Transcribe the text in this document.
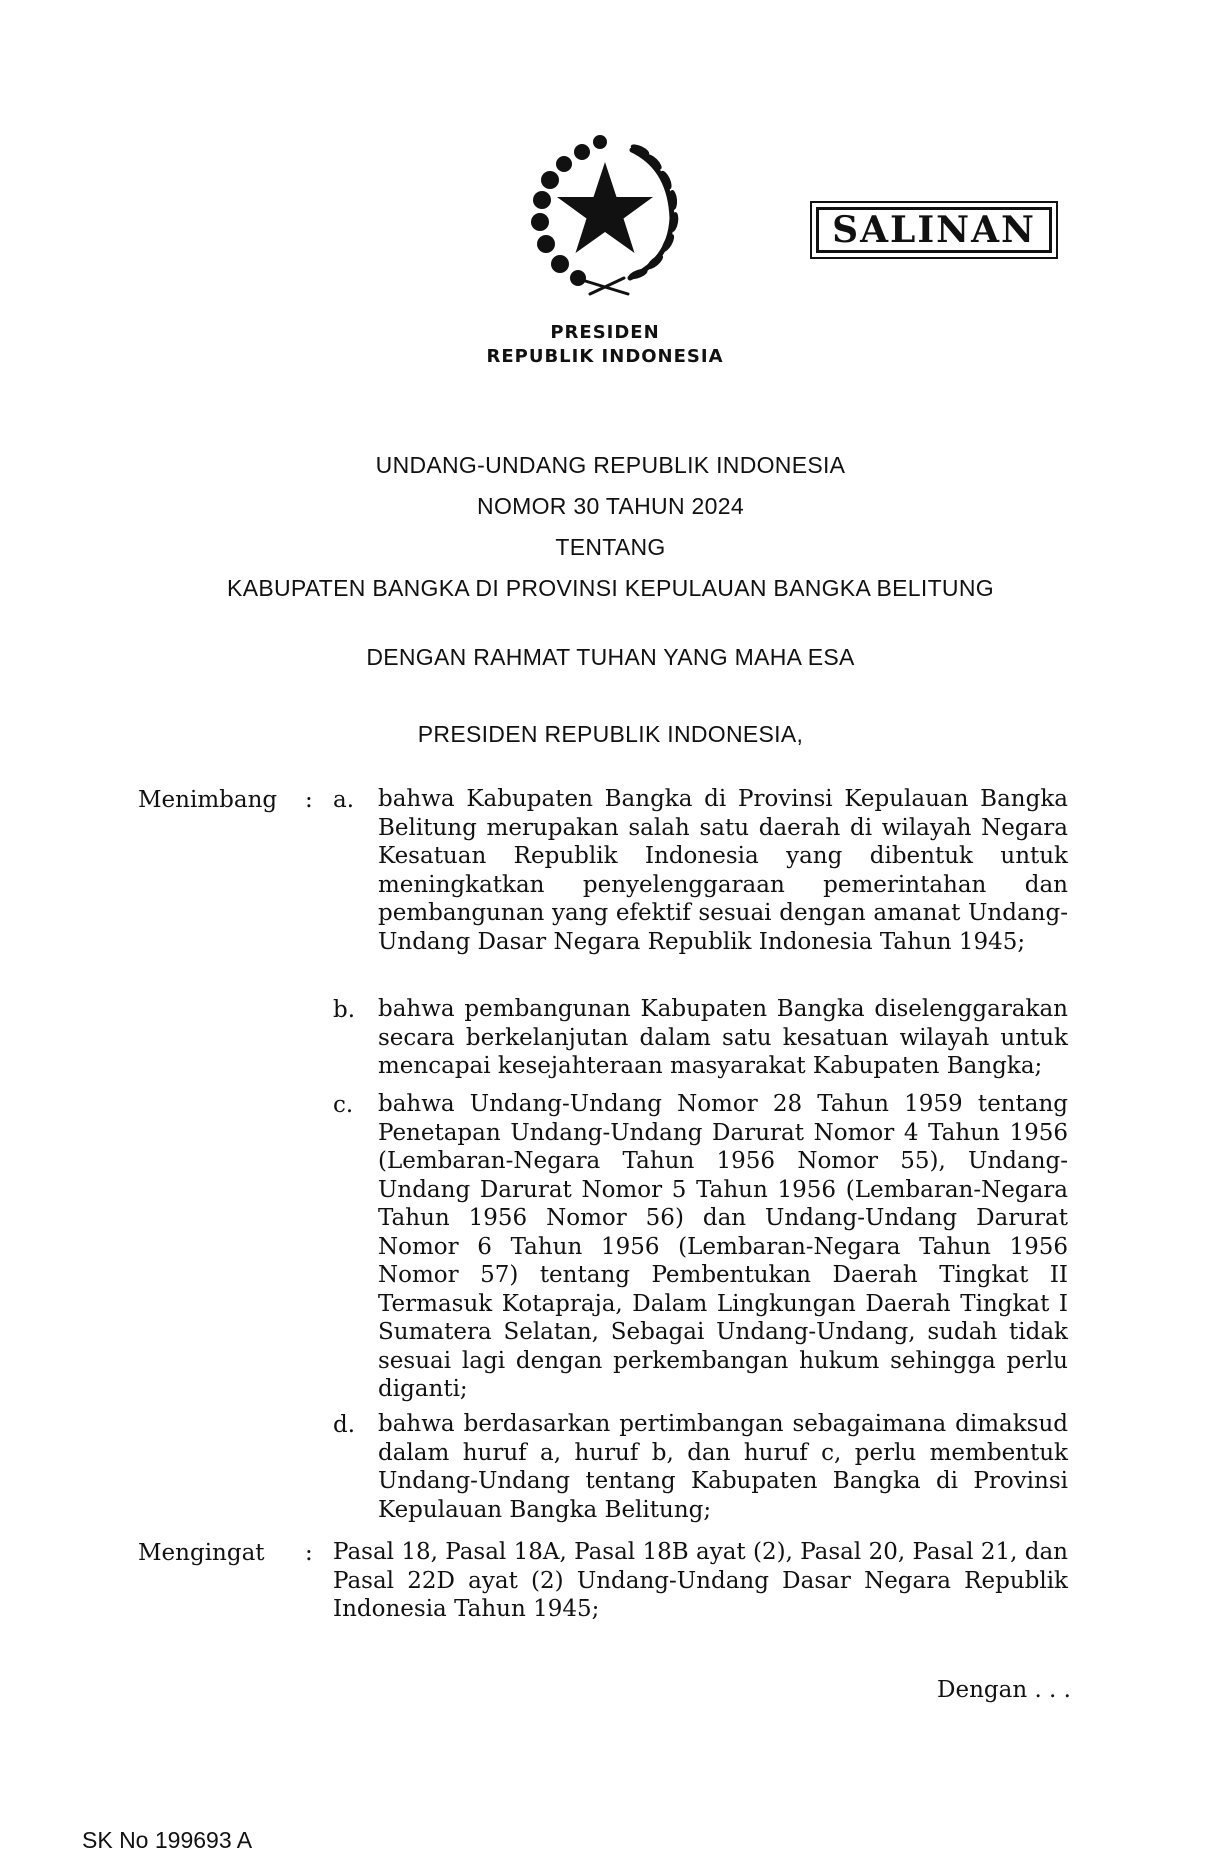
SALINAN
PRESIDEN
REPUBLIK INDONESIA
UNDANG-UNDANG REPUBLIK INDONESIA
NOMOR 30 TAHUN 2024
TENTANG
KABUPATEN BANGKA DI PROVINSI KEPULAUAN BANGKA BELITUNG
DENGAN RAHMAT TUHAN YANG MAHA ESA
PRESIDEN REPUBLIK INDONESIA,
Menimbang : a. bahwa Kabupaten Bangka di Provinsi Kepulauan Bangka Belitung merupakan salah satu daerah di wilayah Negara Kesatuan Republik Indonesia yang dibentuk untuk meningkatkan penyelenggaraan pemerintahan dan pembangunan yang efektif sesuai dengan amanat Undang-Undang Dasar Negara Republik Indonesia Tahun 1945;
b. bahwa pembangunan Kabupaten Bangka diselenggarakan secara berkelanjutan dalam satu kesatuan wilayah untuk mencapai kesejahteraan masyarakat Kabupaten Bangka;
c. bahwa Undang-Undang Nomor 28 Tahun 1959 tentang Penetapan Undang-Undang Darurat Nomor 4 Tahun 1956 (Lembaran-Negara Tahun 1956 Nomor 55), Undang-Undang Darurat Nomor 5 Tahun 1956 (Lembaran-Negara Tahun 1956 Nomor 56) dan Undang-Undang Darurat Nomor 6 Tahun 1956 (Lembaran-Negara Tahun 1956 Nomor 57) tentang Pembentukan Daerah Tingkat II Termasuk Kotapraja, Dalam Lingkungan Daerah Tingkat I Sumatera Selatan, Sebagai Undang-Undang, sudah tidak sesuai lagi dengan perkembangan hukum sehingga perlu diganti;
d. bahwa berdasarkan pertimbangan sebagaimana dimaksud dalam huruf a, huruf b, dan huruf c, perlu membentuk Undang-Undang tentang Kabupaten Bangka di Provinsi Kepulauan Bangka Belitung;
Mengingat : Pasal 18, Pasal 18A, Pasal 18B ayat (2), Pasal 20, Pasal 21, dan Pasal 22D ayat (2) Undang-Undang Dasar Negara Republik Indonesia Tahun 1945;
Dengan . . .
SK No 199693 A
